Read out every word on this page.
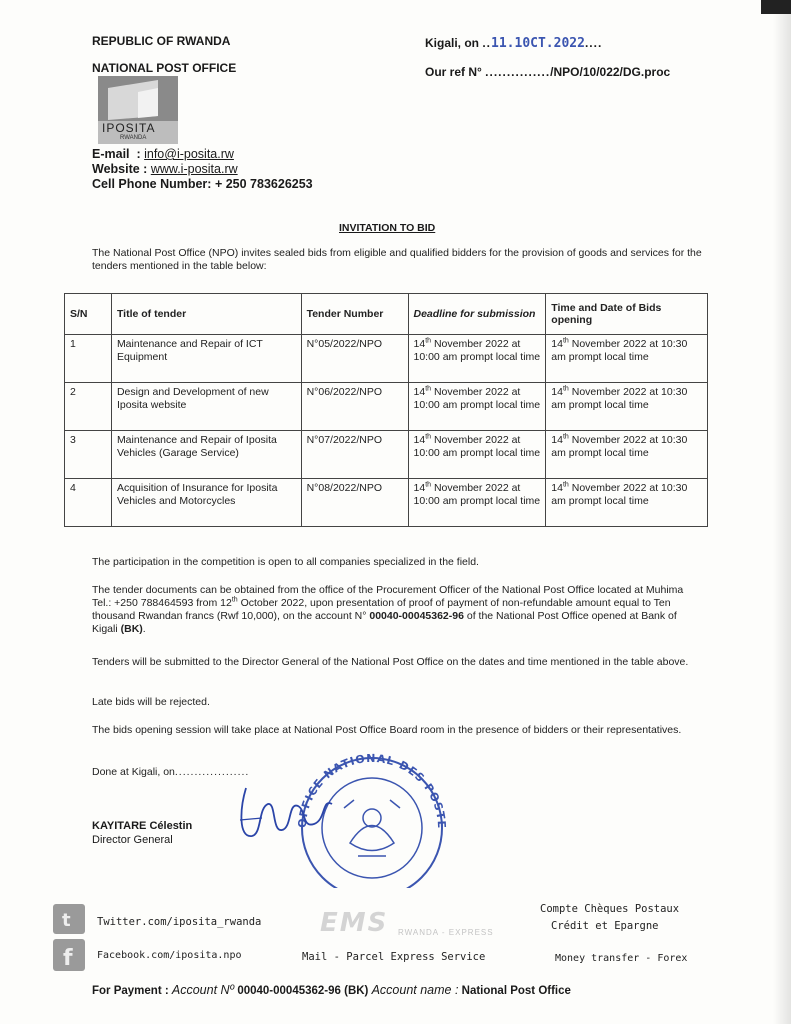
REPUBLIC OF RWANDA
NATIONAL POST OFFICE
IPOSITA
RWANDA
E-mail  : info@i-posita.rw
Website : www.i-posita.rw
Cell Phone Number: + 250 783626253
Kigali, on ..11.10CT.2022....
Our ref N° .............../NPO/10/022/DG.proc
INVITATION TO BID
The National Post Office (NPO) invites sealed bids from eligible and qualified bidders for the provision of goods and services for the tenders mentioned in the table below:
S/N	Title of tender	Tender Number	Deadline for submission	Time and Date of Bids opening
1	Maintenance and Repair of ICT Equipment	N°05/2022/NPO	14th November 2022 at 10:00 am prompt local time	14th November 2022 at 10:30 am prompt local time
2	Design and Development of new Iposita website	N°06/2022/NPO	14th November 2022 at 10:00 am prompt local time	14th November 2022 at 10:30 am prompt local time
3	Maintenance and Repair of Iposita Vehicles (Garage Service)	N°07/2022/NPO	14th November 2022 at 10:00 am prompt local time	14th November 2022 at 10:30 am prompt local time
4	Acquisition of Insurance for Iposita Vehicles and Motorcycles	N°08/2022/NPO	14th November 2022 at 10:00 am prompt local time	14th November 2022 at 10:30 am prompt local time
The participation in the competition is open to all companies specialized in the field.
The tender documents can be obtained from the office of the Procurement Officer of the National Post Office located at Muhima Tel.: +250 788464593 from 12th October 2022, upon presentation of proof of payment of non-refundable amount equal to Ten thousand Rwandan francs (Rwf 10,000), on the account N° 00040-00045362-96 of the National Post Office opened at Bank of Kigali (BK).
Tenders will be submitted to the Director General of the National Post Office on the dates and time mentioned in the table above.
Late bids will be rejected.
The bids opening session will take place at National Post Office Board room in the presence of bidders or their representatives.
Done at Kigali, on...................
KAYITARE Célestin
Director General
OFFICE NATIONAL DES POSTE
t
f
Twitter.com/iposita_rwanda
Facebook.com/iposita.npo
EMS RWANDA - EXPRESS
Mail - Parcel Express Service
Compte Chèques Postaux
Crédit et Epargne
Money transfer - Forex
For Payment : Account Nº 00040-00045362-96 (BK) Account name : National Post Office
